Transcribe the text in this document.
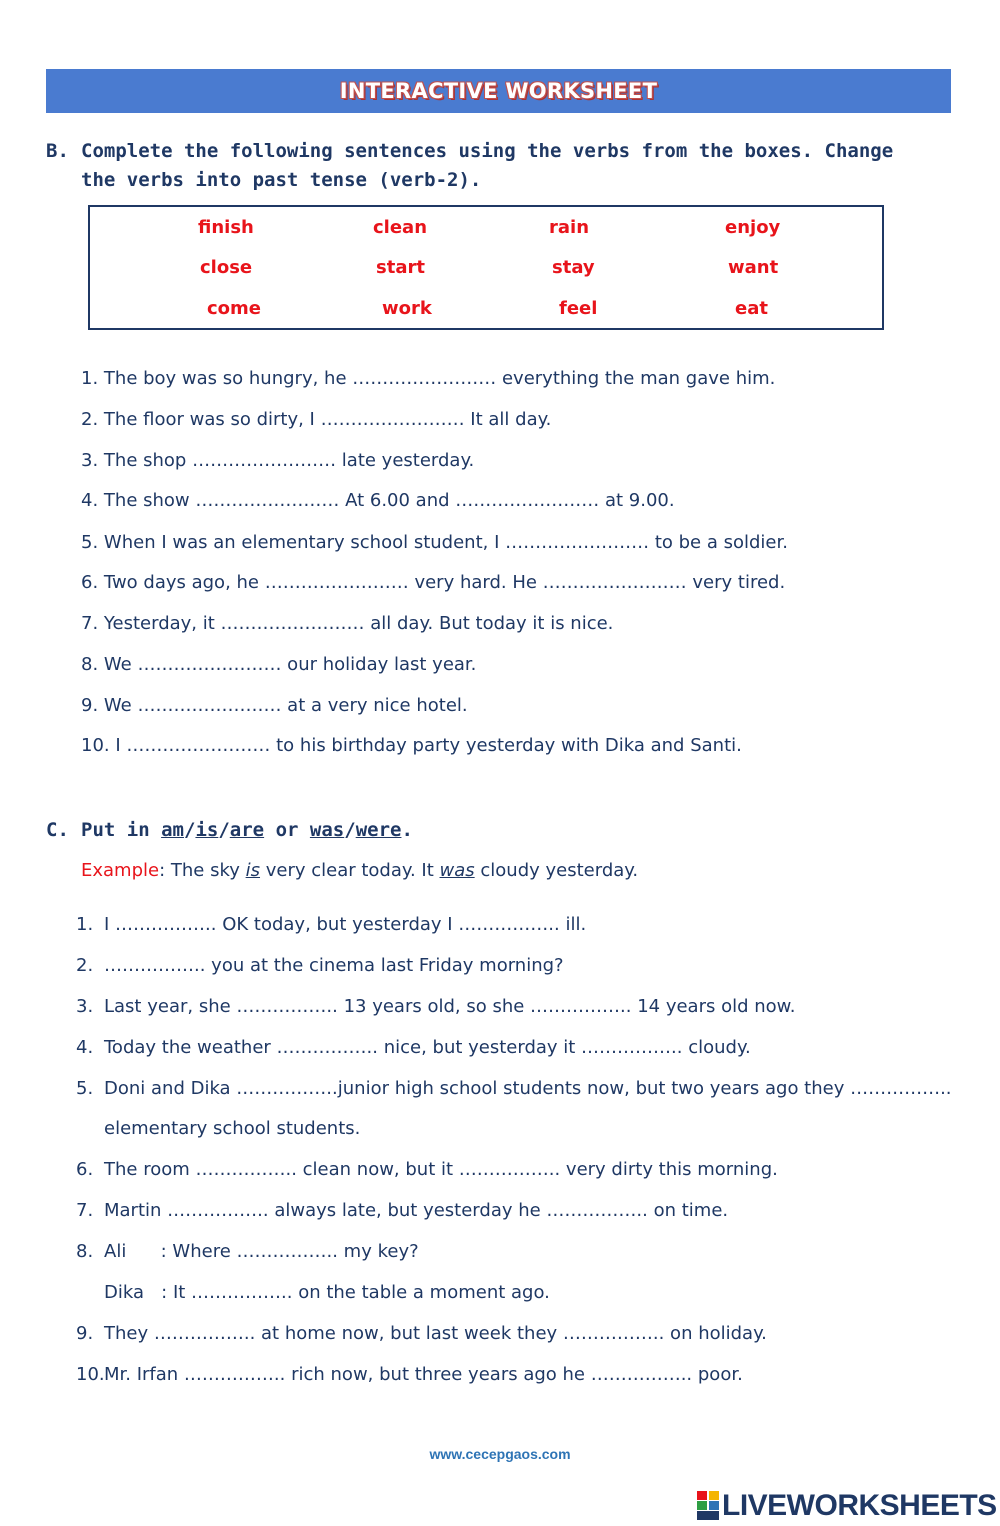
INTERACTIVE WORKSHEET
B. Complete the following sentences using the verbs from the boxes. Change the verbs into past tense (verb-2).
finish	clean	rain	enjoy
close	start	stay	want
come	work	feel	eat
1. The boy was so hungry, he …………………… everything the man gave him.
2. The floor was so dirty, I …………………… It all day.
3. The shop …………………… late yesterday.
4. The show …………………… At 6.00 and …………………… at 9.00.
5. When I was an elementary school student, I …………………… to be a soldier.
6. Two days ago, he …………………… very hard. He …………………… very tired.
7. Yesterday, it …………………… all day. But today it is nice.
8. We …………………… our holiday last year.
9. We …………………… at a very nice hotel.
10. I …………………… to his birthday party yesterday with Dika and Santi.
C. Put in am/is/are or was/were.
Example: The sky is very clear today. It was cloudy yesterday.
1. I …………….. OK today, but yesterday I …………….. ill.
2. …………….. you at the cinema last Friday morning?
3. Last year, she …………….. 13 years old, so she …………….. 14 years old now.
4. Today the weather …………….. nice, but yesterday it …………….. cloudy.
5. Doni and Dika ……………..junior high school students now, but two years ago they ……………..
elementary school students.
6. The room …………….. clean now, but it …………….. very dirty this morning.
7. Martin …………….. always late, but yesterday he …………….. on time.
8. Ali      : Where …………….. my key?
Dika   : It …………….. on the table a moment ago.
9. They …………….. at home now, but last week they …………….. on holiday.
10.Mr. Irfan …………….. rich now, but three years ago he …………….. poor.
www.cecepgaos.com
LIVEWORKSHEETS
